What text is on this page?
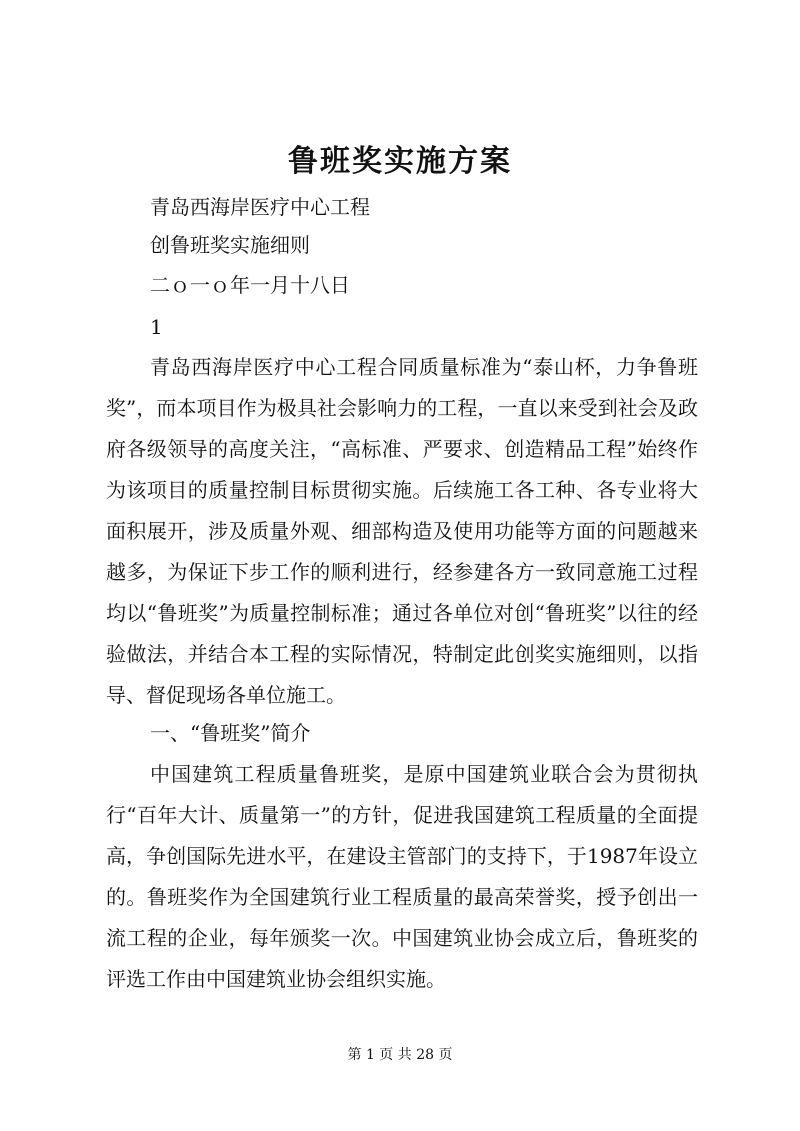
鲁班奖实施方案
青岛西海岸医疗中心工程
创鲁班奖实施细则
二ｏ一ｏ年一月十八日
1
青岛西海岸医疗中心工程合同质量标准为“泰山杯，力争鲁班奖”，而本项目作为极具社会影响力的工程，一直以来受到社会及政府各级领导的高度关注，“高标准、严要求、创造精品工程”始终作为该项目的质量控制目标贯彻实施。后续施工各工种、各专业将大面积展开，涉及质量外观、细部构造及使用功能等方面的问题越来越多，为保证下步工作的顺利进行，经参建各方一致同意施工过程均以“鲁班奖”为质量控制标准；通过各单位对创“鲁班奖”以往的经验做法，并结合本工程的实际情况，特制定此创奖实施细则，以指导、督促现场各单位施工。
一、“鲁班奖”简介
中国建筑工程质量鲁班奖，是原中国建筑业联合会为贯彻执行“百年大计、质量第一”的方针，促进我国建筑工程质量的全面提高，争创国际先进水平，在建设主管部门的支持下，于1987年设立的。鲁班奖作为全国建筑行业工程质量的最高荣誉奖，授予创出一流工程的企业，每年颁奖一次。中国建筑业协会成立后，鲁班奖的评选工作由中国建筑业协会组织实施。
第 1 页 共 28 页
